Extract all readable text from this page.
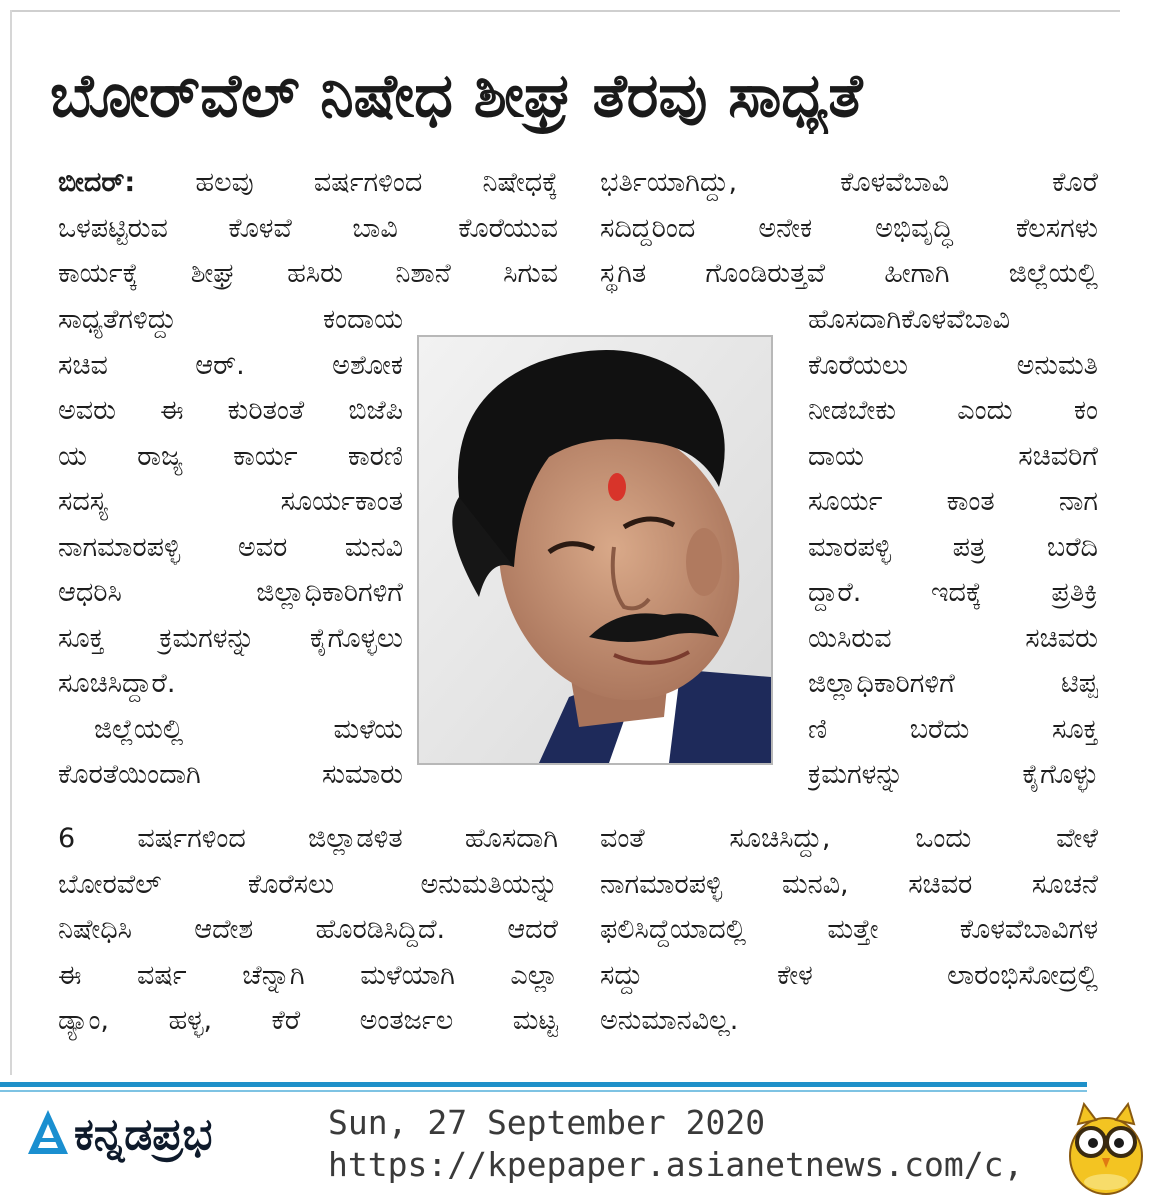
ಬೋರ್‌ವೆಲ್ ನಿಷೇಧ ಶೀಘ್ರ ತೆರವು ಸಾಧ್ಯತೆ
ಬೀದರ್: ಹಲವು ವರ್ಷಗಳಿಂದ ನಿಷೇಧಕ್ಕೆ
ಒಳಪಟ್ಟಿರುವ ಕೊಳವೆ ಬಾವಿ ಕೊರೆಯುವ
ಕಾರ್ಯಕ್ಕೆ ಶೀಘ್ರ ಹಸಿರು ನಿಶಾನೆ ಸಿಗುವ
ಸಾಧ್ಯತೆಗಳಿದ್ದು ಕಂದಾಯ
ಸಚಿವ ಆರ್. ಅಶೋಕ
ಅವರು ಈ ಕುರಿತಂತೆ ಬಿಜೆಪಿ
ಯ ರಾಜ್ಯ ಕಾರ್ಯ ಕಾರಣಿ
ಸದಸ್ಯ ಸೂರ್ಯಕಾಂತ
ನಾಗಮಾರಪಳ್ಳಿ ಅವರ ಮನವಿ
ಆಧರಿಸಿ ಜಿಲ್ಲಾಧಿಕಾರಿಗಳಿಗೆ
ಸೂಕ್ತ ಕ್ರಮಗಳನ್ನು ಕೈಗೊಳ್ಳಲು
ಸೂಚಿಸಿದ್ದಾರೆ.
ಜಿಲ್ಲೆಯಲ್ಲಿ ಮಳೆಯ
ಕೊರತೆಯಿಂದಾಗಿ ಸುಮಾರು
6 ವರ್ಷಗಳಿಂದ ಜಿಲ್ಲಾಡಳಿತ ಹೊಸದಾಗಿ
ಬೋರವೆಲ್ ಕೊರೆಸಲು ಅನುಮತಿಯನ್ನು
ನಿಷೇಧಿಸಿ ಆದೇಶ ಹೊರಡಿಸಿದ್ದಿದೆ. ಆದರೆ
ಈ ವರ್ಷ ಚೆನ್ನಾಗಿ ಮಳೆಯಾಗಿ ಎಲ್ಲಾ
ಡ್ಯಾಂ, ಹಳ್ಳ, ಕೆರೆ ಅಂತರ್ಜಲ ಮಟ್ಟ
ಭರ್ತಿಯಾಗಿದ್ದು, ಕೊಳವೆಬಾವಿ ಕೊರೆ
ಸದಿದ್ದರಿಂದ ಅನೇಕ ಅಭಿವೃದ್ಧಿ ಕೆಲಸಗಳು
ಸ್ಥಗಿತ ಗೊಂಡಿರುತ್ತವೆ ಹೀಗಾಗಿ ಜಿಲ್ಲೆಯಲ್ಲಿ
ಹೊಸದಾಗಿಕೊಳವೆಬಾವಿ
ಕೊರೆಯಲು ಅನುಮತಿ
ನೀಡಬೇಕು ಎಂದು ಕಂ
ದಾಯ ಸಚಿವರಿಗೆ
ಸೂರ್ಯ ಕಾಂತ ನಾಗ
ಮಾರಪಳ್ಳಿ ಪತ್ರ ಬರೆದಿ
ದ್ದಾರೆ. ಇದಕ್ಕೆ ಪ್ರತಿಕ್ರಿ
ಯಿಸಿರುವ ಸಚಿವರು
ಜಿಲ್ಲಾಧಿಕಾರಿಗಳಿಗೆ ಟಿಪ್ಪ
ಣಿ ಬರೆದು ಸೂಕ್ತ
ಕ್ರಮಗಳನ್ನು ಕೈಗೊಳ್ಳು
ವಂತೆ ಸೂಚಿಸಿದ್ದು, ಒಂದು ವೇಳೆ
ನಾಗಮಾರಪಳ್ಳಿ ಮನವಿ, ಸಚಿವರ ಸೂಚನೆ
ಫಲಿಸಿದ್ದೆಯಾದಲ್ಲಿ ಮತ್ತೇ ಕೊಳವೆಬಾವಿಗಳ
ಸದ್ದು ಕೇಳ ಲಾರಂಭಿಸೋದ್ರಲ್ಲಿ
ಅನುಮಾನವಿಲ್ಲ.
ಕನ್ನಡಪ್ರಭ	Sun, 27 September 2020
https://kpepaper.asianetnews.com/c,
